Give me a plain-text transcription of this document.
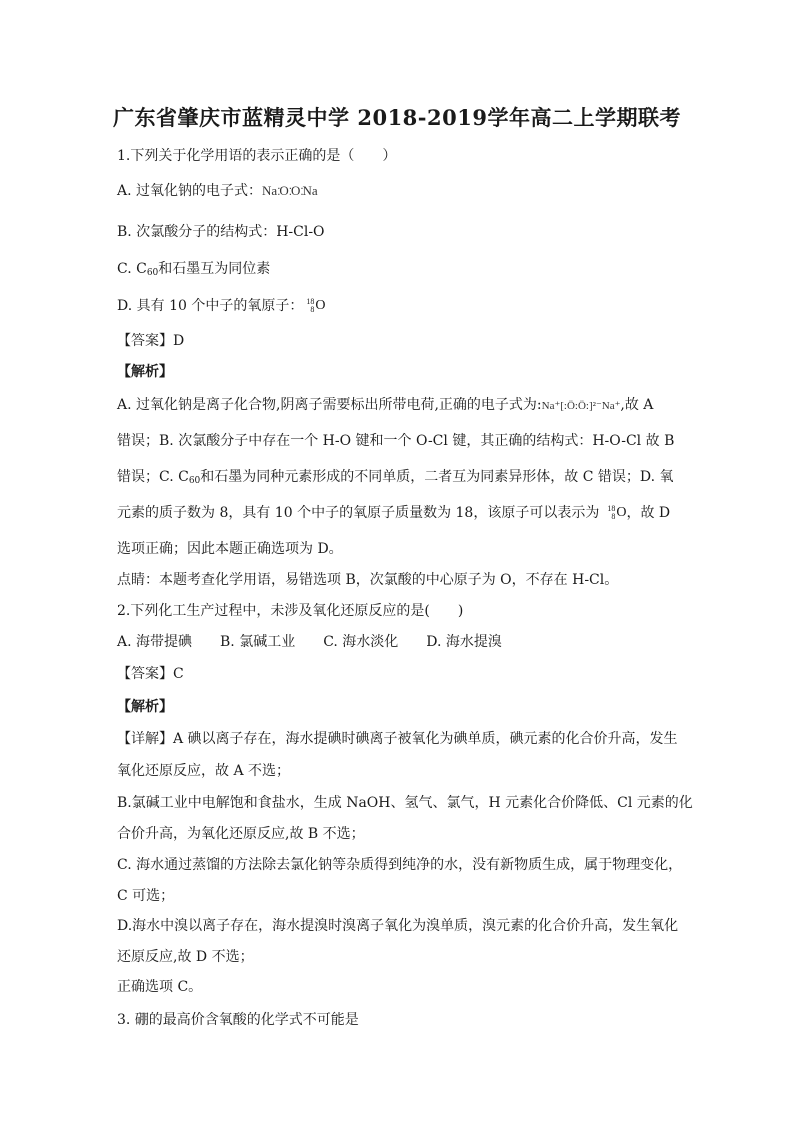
广东省肇庆市蓝精灵中学 2018-2019学年高二上学期联考
1.下列关于化学用语的表示正确的是（　　）
A. 过氧化钠的电子式：Na⁚O⁚O⁚Na
B. 次氯酸分子的结构式：H-Cl-O
C. $C_{60}$和石墨互为同位素
D. 具有 10 个中子的氧原子： 18
8 O
【答案】D
【解析】
A. 过氧化钠是离子化合物,阴离子需要标出所带电荷,正确的电子式为:Na⁺[:Ö:Ö:]²⁻Na⁺,故 A
错误；B. 次氯酸分子中存在一个 H-O 键和一个 O-Cl 键，其正确的结构式：H-O-Cl 故 B
错误；C. $C_{60}$和石墨为同种元素形成的不同单质，二者互为同素异形体，故 C 错误；D. 氧
元素的质子数为 8，具有 10 个中子的氧原子质量数为 18，该原子可以表示为 18
8 O ，故 D
选项正确；因此本题正确选项为 D。
点睛：本题考查化学用语，易错选项 B，次氯酸的中心原子为 O，不存在 H-Cl。
2.下列化工生产过程中，未涉及氧化还原反应的是(　　)
A. 海带提碘　　B. 氯碱工业　　C. 海水淡化　　D. 海水提溴
【答案】C
【解析】
【详解】A 碘以离子存在，海水提碘时碘离子被氧化为碘单质，碘元素的化合价升高，发生
氧化还原反应，故 A 不选；
B.氯碱工业中电解饱和食盐水，生成 NaOH、氢气、氯气，H 元素化合价降低、Cl 元素的化
合价升高，为氧化还原反应,故 B 不选；
C. 海水通过蒸馏的方法除去氯化钠等杂质得到纯净的水，没有新物质生成，属于物理变化，
C 可选；
D.海水中溴以离子存在，海水提溴时溴离子氧化为溴单质，溴元素的化合价升高，发生氧化
还原反应,故 D 不选；
正确选项 C。
3. 硼的最高价含氧酸的化学式不可能是
